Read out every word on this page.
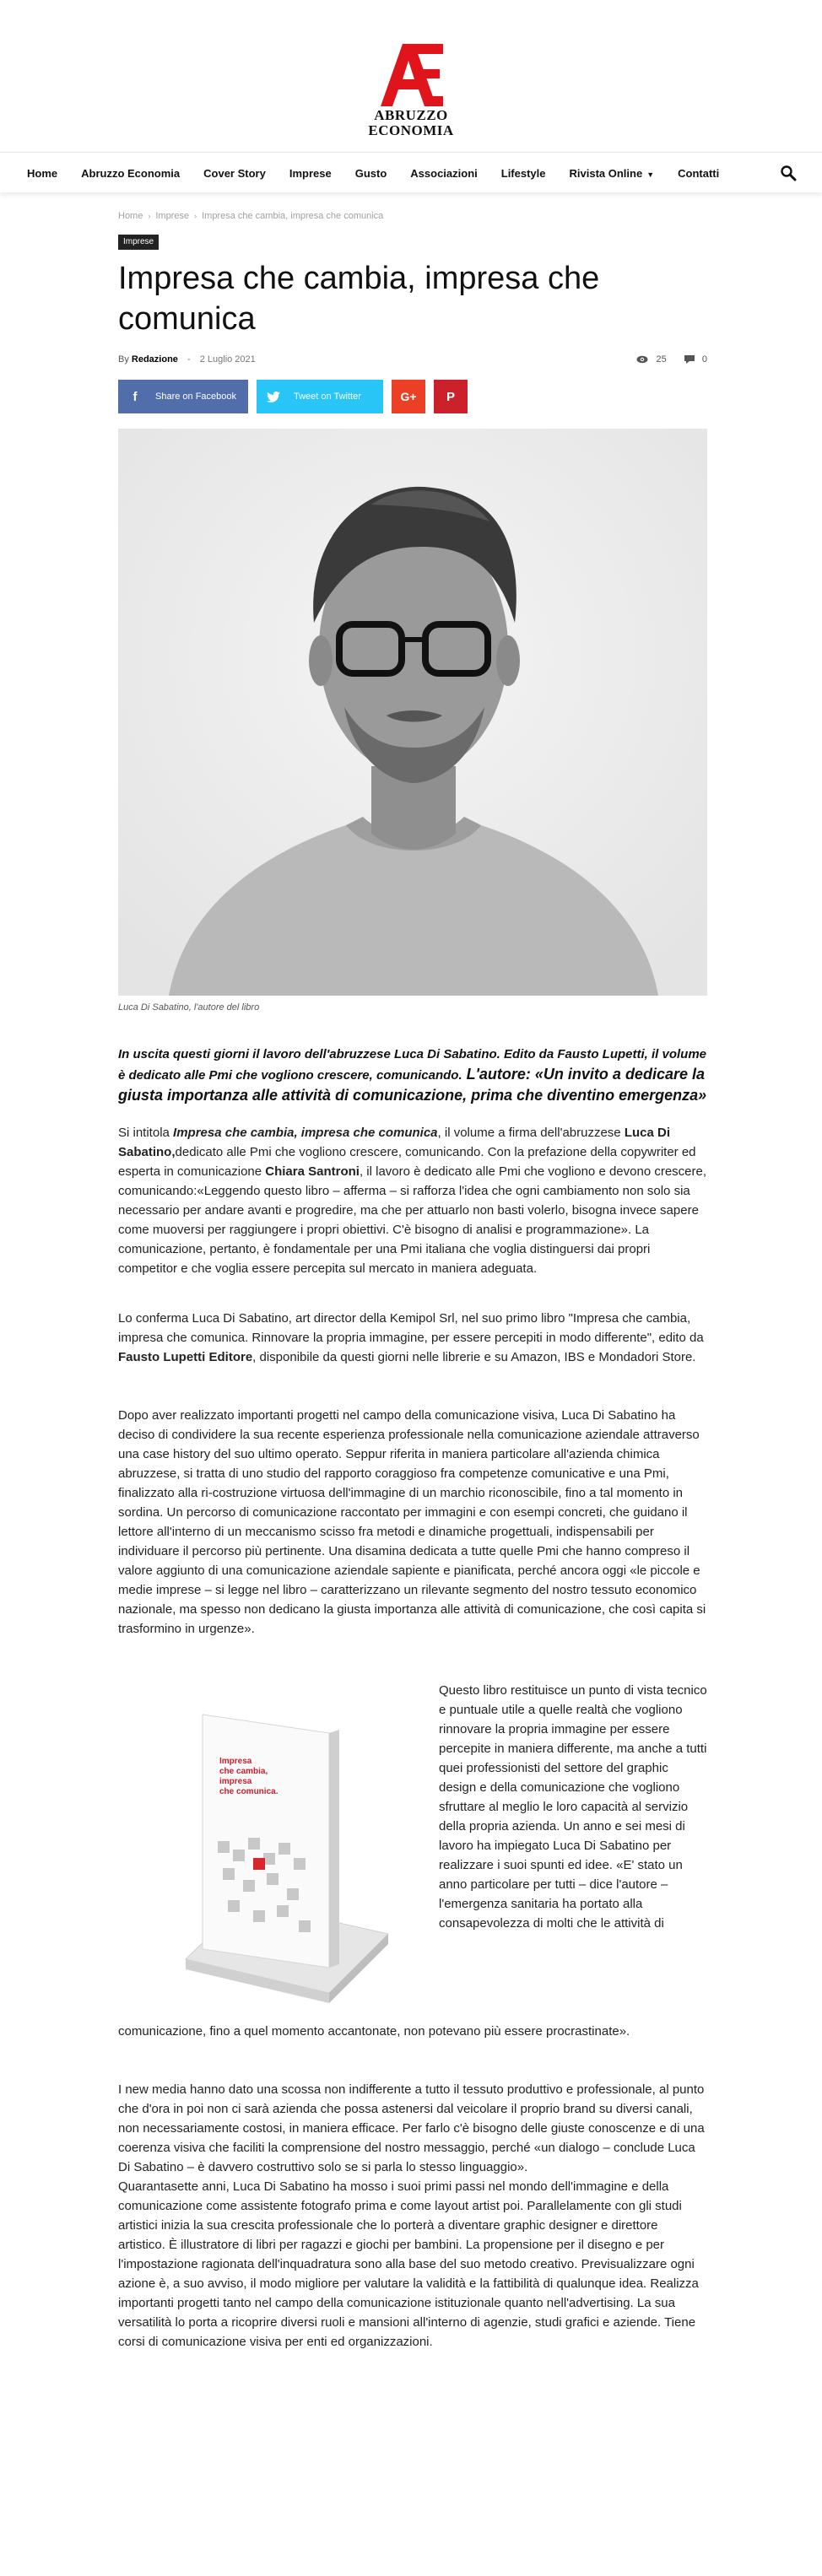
ABRUZZO
ECONOMIA
Home	Abruzzo Economia	Cover Story	Imprese	Gusto	Associazioni	Lifestyle	Rivista Online ▼	Contatti
Home › Imprese › Impresa che cambia, impresa che comunica
Imprese
Impresa che cambia, impresa che comunica
By Redazione - 2 Luglio 2021	25	0
f	Share on Facebook	Tweet on Twitter	G+ P
Luca Di Sabatino, l'autore del libro

In uscita questi giorni il lavoro dell'abruzzese Luca Di Sabatino. Edito da Fausto Lupetti, il volume è dedicato alle Pmi che vogliono crescere, comunicando. L'autore: «Un invito a dedicare la giusta importanza alle attività di comunicazione, prima che diventino emergenza»

Si intitola Impresa che cambia, impresa che comunica, il volume a firma dell'abruzzese Luca Di Sabatino,dedicato alle Pmi che vogliono crescere, comunicando. Con la prefazione della copywriter ed esperta in comunicazione Chiara Santroni, il lavoro è dedicato alle Pmi che vogliono e devono crescere, comunicando:«Leggendo questo libro – afferma – si rafforza l'idea che ogni cambiamento non solo sia necessario per andare avanti e progredire, ma che per attuarlo non basti volerlo, bisogna invece sapere come muoversi per raggiungere i propri obiettivi. C'è bisogno di analisi e programmazione». La comunicazione, pertanto, è fondamentale per una Pmi italiana che voglia distinguersi dai propri competitor e che voglia essere percepita sul mercato in maniera adeguata.

Lo conferma Luca Di Sabatino, art director della Kemipol Srl, nel suo primo libro "Impresa che cambia, impresa che comunica. Rinnovare la propria immagine, per essere percepiti in modo differente", edito da Fausto Lupetti Editore, disponibile da questi giorni nelle librerie e su Amazon, IBS e Mondadori Store.

Dopo aver realizzato importanti progetti nel campo della comunicazione visiva, Luca Di Sabatino ha deciso di condividere la sua recente esperienza professionale nella comunicazione aziendale attraverso una case history del suo ultimo operato. Seppur riferita in maniera particolare all'azienda chimica abruzzese, si tratta di uno studio del rapporto coraggioso fra competenze comunicative e una Pmi, finalizzato alla ri-costruzione virtuosa dell'immagine di un marchio riconoscibile, fino a tal momento in sordina. Un percorso di comunicazione raccontato per immagini e con esempi concreti, che guidano il lettore all'interno di un meccanismo scisso fra metodi e dinamiche progettuali, indispensabili per individuare il percorso più pertinente. Una disamina dedicata a tutte quelle Pmi che hanno compreso il valore aggiunto di una comunicazione aziendale sapiente e pianificata, perché ancora oggi «le piccole e medie imprese – si legge nel libro – caratterizzano un rilevante segmento del nostro tessuto economico nazionale, ma spesso non dedicano la giusta importanza alle attività di comunicazione, che così capita si trasformino in urgenze».

Impresa
che cambia,
impresa
che comunica.
Questo libro restituisce un punto di vista tecnico e puntuale utile a quelle realtà che vogliono rinnovare la propria immagine per essere percepite in maniera differente, ma anche a tutti quei professionisti del settore del graphic design e della comunicazione che vogliono sfruttare al meglio le loro capacità al servizio della propria azienda. Un anno e sei mesi di lavoro ha impiegato Luca Di Sabatino per realizzare i suoi spunti ed idee. «E' stato un anno particolare per tutti – dice l'autore – l'emergenza sanitaria ha portato alla consapevolezza di molti che le attività di

comunicazione, fino a quel momento accantonate, non potevano più essere procrastinate».

I new media hanno dato una scossa non indifferente a tutto il tessuto produttivo e professionale, al punto che d'ora in poi non ci sarà azienda che possa astenersi dal veicolare il proprio brand su diversi canali, non necessariamente costosi, in maniera efficace. Per farlo c'è bisogno delle giuste conoscenze e di una coerenza visiva che faciliti la comprensione del nostro messaggio, perché «un dialogo – conclude Luca Di Sabatino – è davvero costruttivo solo se si parla lo stesso linguaggio».

Quarantasette anni, Luca Di Sabatino ha mosso i suoi primi passi nel mondo dell'immagine e della comunicazione come assistente fotografo prima e come layout artist poi. Parallelamente con gli studi artistici inizia la sua crescita professionale che lo porterà a diventare graphic designer e direttore artistico. È illustratore di libri per ragazzi e giochi per bambini. La propensione per il disegno e per l'impostazione ragionata dell'inquadratura sono alla base del suo metodo creativo. Previsualizzare ogni azione è, a suo avviso, il modo migliore per valutare la validità e la fattibilità di qualunque idea. Realizza importanti progetti tanto nel campo della comunicazione istituzionale quanto nell'advertising. La sua versatilità lo porta a ricoprire diversi ruoli e mansioni all'interno di agenzie, studi grafici e aziende. Tiene corsi di comunicazione visiva per enti ed organizzazioni.
